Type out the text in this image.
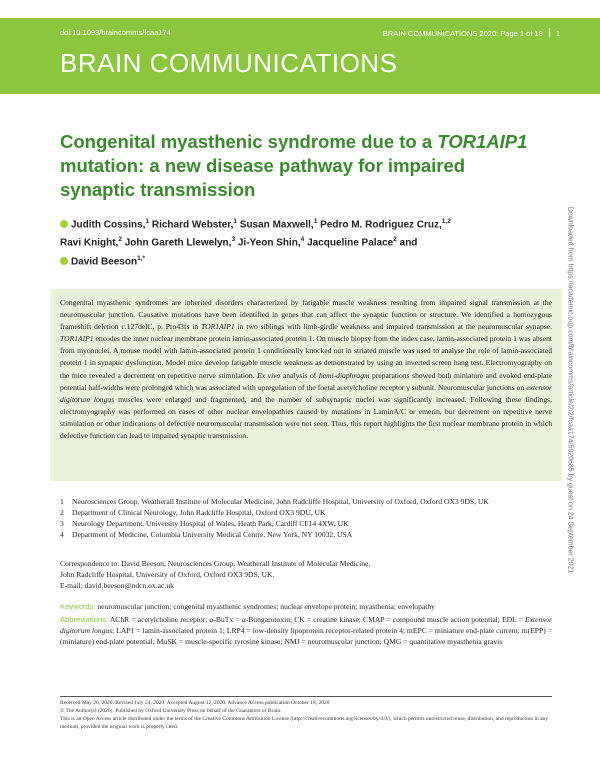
doi:10.1093/braincomms/fcaa174	BRAIN COMMUNICATIONS 2020: Page 1 of 18 1
BRAIN COMMUNICATIONS
Congenital myasthenic syndrome due to a TOR1AIP1 mutation: a new disease pathway for impaired synaptic transmission
Judith Cossins,$^1$ Richard Webster,$^1$ Susan Maxwell,$^1$ Pedro M. Rodriguez Cruz,$^{1,2}$
Ravi Knight,$^2$ John Gareth Llewelyn,$^3$ Ji-Yeon Shin,$^4$ Jacqueline Palace$^2$ and
David Beeson$^{1,*}$	Downloaded from https://academic.oup.com/braincomms/article/2/2/fcaa174/5920685 by guest on 24 September 2021
Congenital myasthenic syndromes are inherited disorders characterized by fatigable muscle weakness resulting from impaired signal transmission at the neuromuscular junction. Causative mutations have been identified in genes that can affect the synaptic function or structure. We identified a homozygous frameshift deletion c.127delC, p. Pro43fs in TOR1AIP1 in two siblings with limb-girdle weakness and impaired transmission at the neuromuscular synapse. TOR1AIP1 encodes the inner nuclear membrane protein lamin-associated protein 1. On muscle biopsy from the index case, lamin-associated protein 1 was absent from myonuclei. A mouse model with lamin-associated protein 1 conditionally knocked out in striated muscle was used to analyse the role of lamin-associated protein 1 in synaptic dysfunction. Model mice develop fatigable muscle weakness as demonstrated by using an inverted screen hang test. Electromyography on the mice revealed a decrement on repetitive nerve stimulation. Ex vivo analysis of hemi-diaphragm preparations showed both miniature and evoked end-plate potential half-widths were prolonged which was associated with upregulation of the foetal acetylcholine receptor γ subunit. Neuromuscular junctions on extensor digitorum longus muscles were enlarged and fragmented, and the number of subsynaptic nuclei was significantly increased. Following these findings, electromyography was performed on cases of other nuclear envelopathies caused by mutations in LaminA/C or emerin, but decrement on repetitive nerve stimulation or other indications of defective neuromuscular transmission were not seen. Thus, this report highlights the first nuclear membrane protein in which defective function can lead to impaired synaptic transmission.
1	Neurosciences Group, Weatherall Institute of Molecular Medicine, John Radcliffe Hospital, University of Oxford, Oxford OX3 9DS, UK
2	Department of Clinical Neurology, John Radcliffe Hospital, Oxford OX3 9DU, UK
3	Neurology Department, University Hospital of Wales, Heath Park, Cardiff CF14 4XW, UK
4	Department of Medicine, Columbia University Medical Centre, New York, NY 10032, USA
Correspondence to: David Beeson, Neurosciences Group, Weatherall Institute of Molecular Medicine,
John Radcliffe Hospital, University of Oxford, Oxford OX3 9DS, UK.
E-mail: david.beeson@ndcn.ox.ac.uk
Keywords: neuromuscular junction; congenital myasthenic syndromes; nuclear envelope protein; myasthenia; envelopathy
Abbreviations: AChR = acetylcholine receptor; α-BuTx = α-Bungarotoxin; CK = creatine kinase; CMAP = compound muscle action potential; EDL = Extensor digitorum longus; LAP1 = lamin-associated protein 1; LRP4 = low-density lipoprotein receptor-related protein 4; mEPC = miniature end-plate current; m(EPP) = (miniature) end-plate potential; MuSK = muscle-specific tyrosine kinase; NMJ = neuromuscular junction; QMG = quantitative myasthenia gravis
Received May 26, 2020. Revised July 24, 2020. Accepted August 12, 2020. Advance Access publication October 18, 2020
© The Author(s) (2020). Published by Oxford University Press on behalf of the Guarantors of Brain.
This is an Open Access article distributed under the terms of the Creative Commons Attribution License (http://creativecommons.org/licenses/by/4.0/), which permits unrestricted reuse, distribution, and reproduction in any medium, provided the original work is properly cited.
